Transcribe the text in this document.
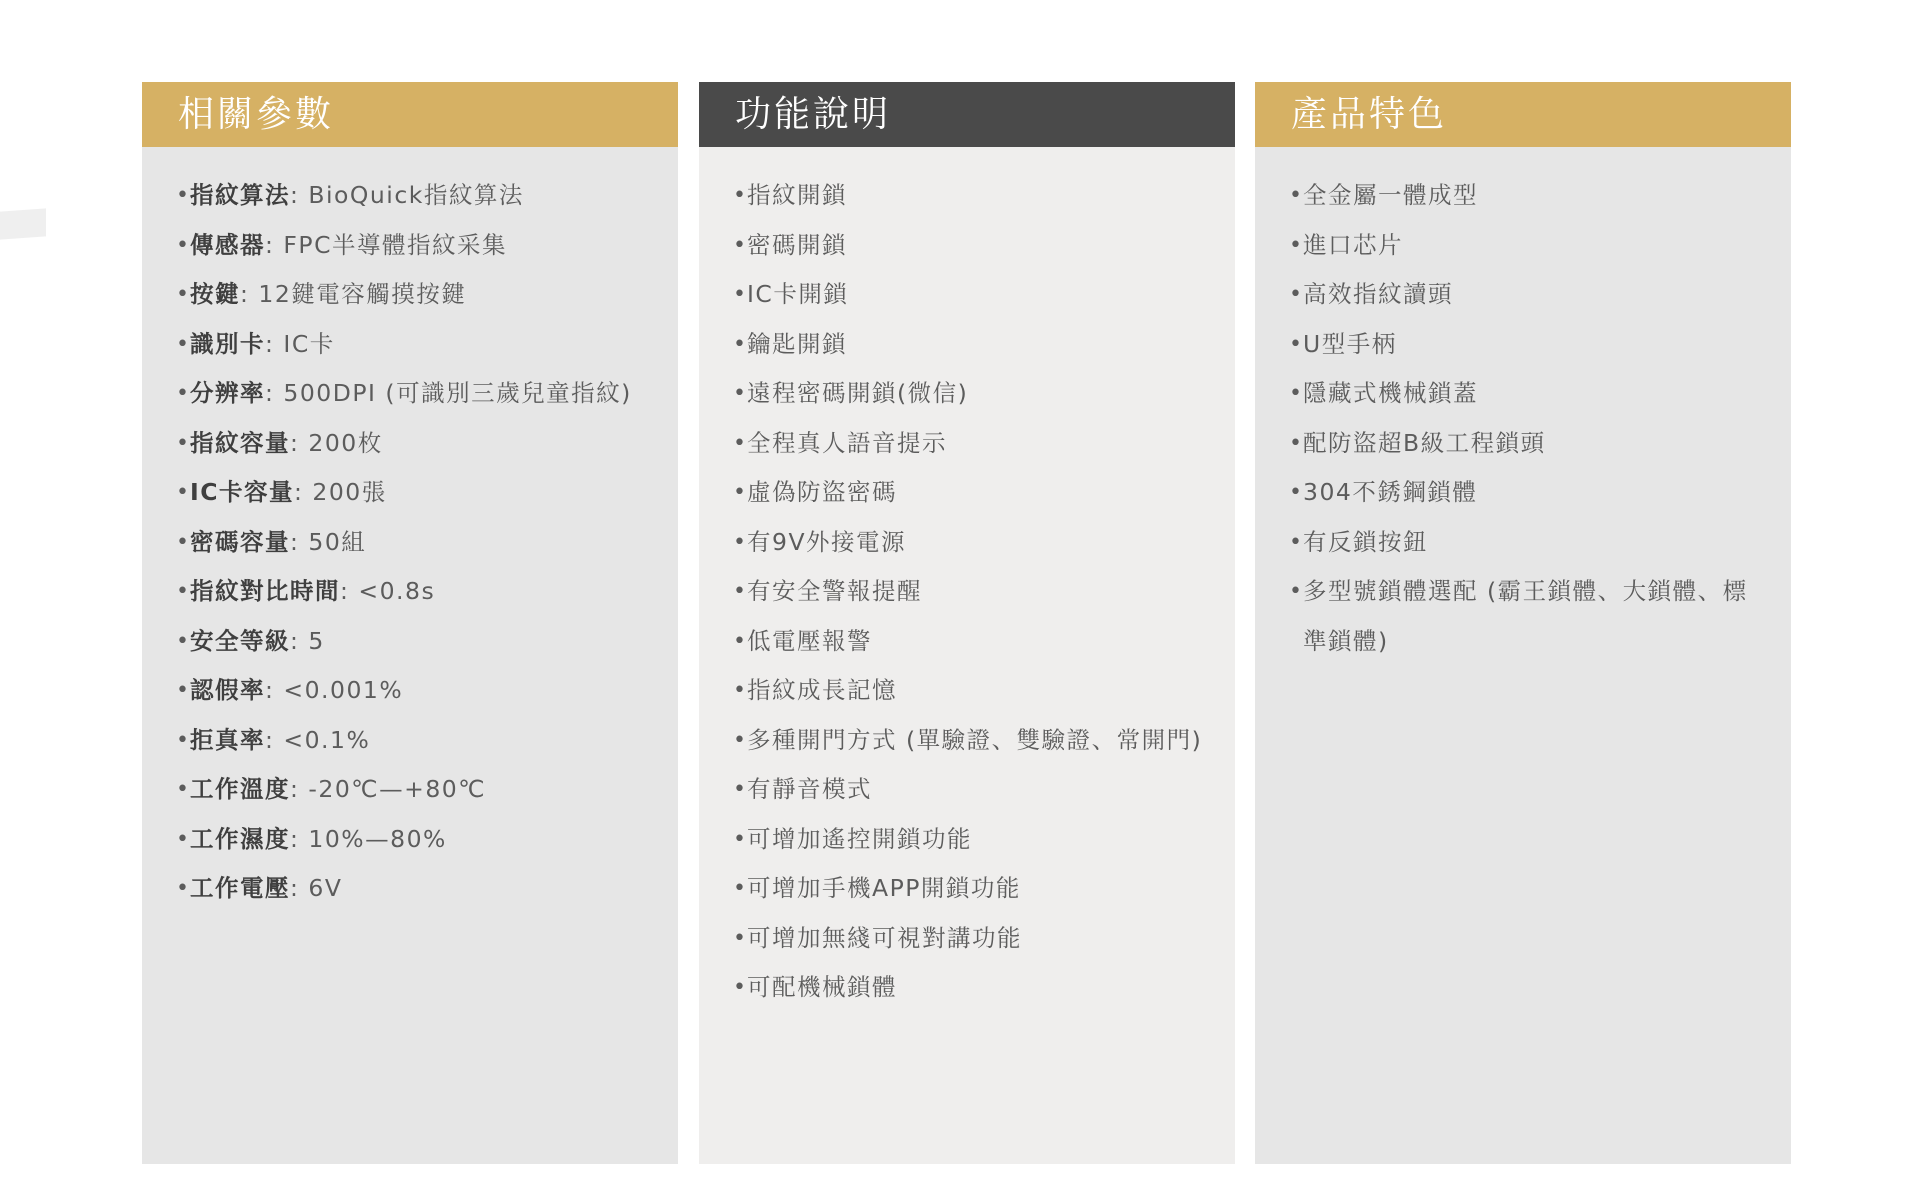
相關參數
• 指紋算法: BioQuick指紋算法
• 傳感器: FPC半導體指紋采集
• 按鍵: 12鍵電容觸摸按鍵
• 識別卡: IC卡
• 分辨率: 500DPI (可識別三歲兒童指紋)
• 指紋容量: 200枚
• IC卡容量: 200張
• 密碼容量: 50組
• 指紋對比時間: <0.8s
• 安全等級: 5
• 認假率: <0.001%
• 拒真率: <0.1%
• 工作溫度: -20℃—+80℃
• 工作濕度: 10%—80%
• 工作電壓: 6V
功能說明
• 指紋開鎖
• 密碼開鎖
• IC卡開鎖
• 鑰匙開鎖
• 遠程密碼開鎖(微信)
• 全程真人語音提示
• 虛偽防盜密碼
• 有9V外接電源
• 有安全警報提醒
• 低電壓報警
• 指紋成長記憶
• 多種開門方式 (單驗證、雙驗證、常開門)
• 有靜音模式
• 可增加遙控開鎖功能
• 可增加手機APP開鎖功能
• 可增加無綫可視對講功能
• 可配機械鎖體
產品特色
• 全金屬一體成型
• 進口芯片
• 高效指紋讀頭
• U型手柄
• 隱藏式機械鎖蓋
• 配防盜超B級工程鎖頭
• 304不銹鋼鎖體
• 有反鎖按鈕
• 多型號鎖體選配 (霸王鎖體、大鎖體、標準鎖體)
